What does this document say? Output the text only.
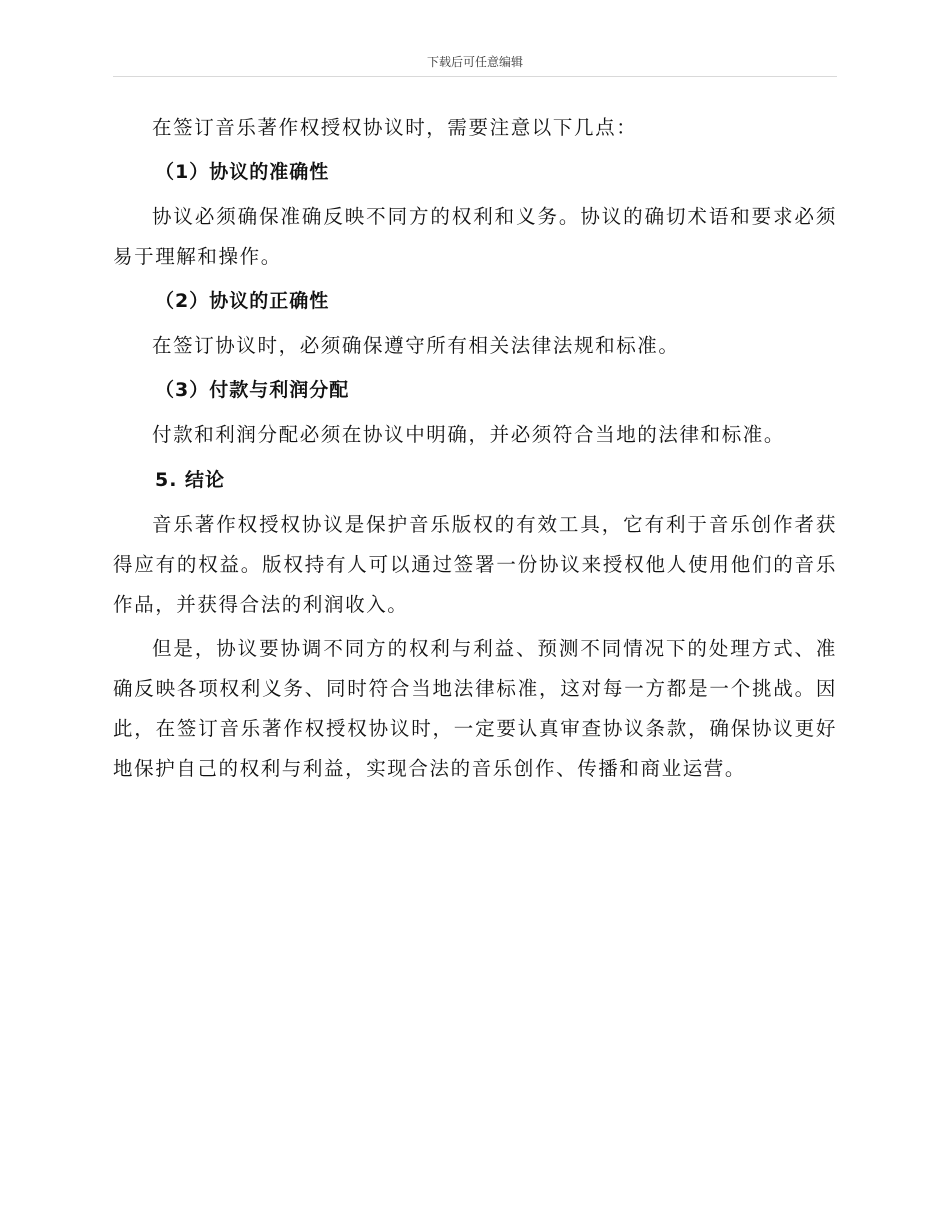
下载后可任意编辑

在签订音乐著作权授权协议时，需要注意以下几点：

（1）协议的准确性

协议必须确保准确反映不同方的权利和义务。协议的确切术语和要求必须易于理解和操作。

（2）协议的正确性

在签订协议时，必须确保遵守所有相关法律法规和标准。

（3）付款与利润分配

付款和利润分配必须在协议中明确，并必须符合当地的法律和标准。

5. 结论

音乐著作权授权协议是保护音乐版权的有效工具，它有利于音乐创作者获得应有的权益。版权持有人可以通过签署一份协议来授权他人使用他们的音乐作品，并获得合法的利润收入。

但是，协议要协调不同方的权利与利益、预测不同情况下的处理方式、准确反映各项权利义务、同时符合当地法律标准，这对每一方都是一个挑战。因此，在签订音乐著作权授权协议时，一定要认真审查协议条款，确保协议更好地保护自己的权利与利益，实现合法的音乐创作、传播和商业运营。
